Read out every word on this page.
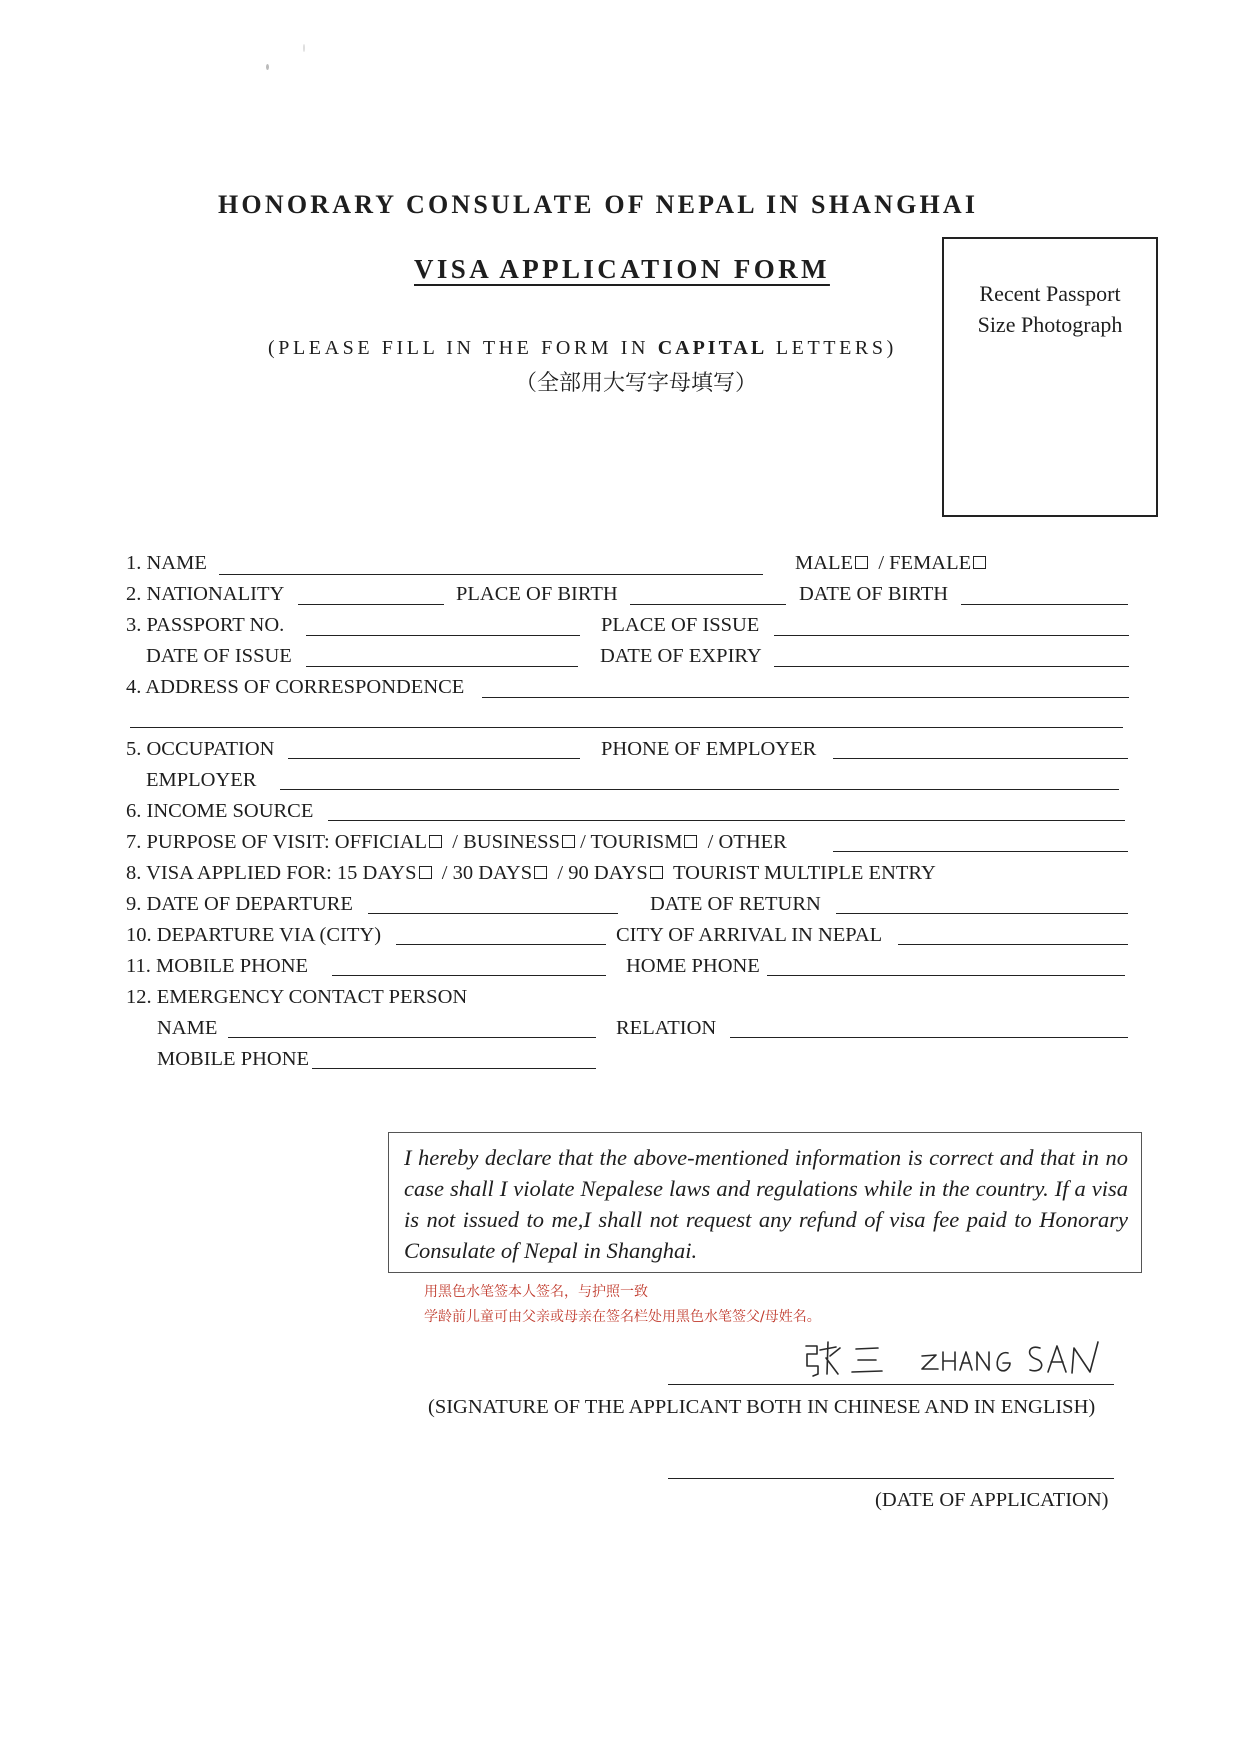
HONORARY CONSULATE OF NEPAL IN SHANGHAI
VISA APPLICATION FORM
(PLEASE FILL IN THE FORM IN CAPITAL LETTERS)
（全部用大写字母填写）
Recent Passport
Size Photograph
1. NAME	MALE / FEMALE
2. NATIONALITY	PLACE OF BIRTH	DATE OF BIRTH
3. PASSPORT NO.	PLACE OF ISSUE
DATE OF ISSUE	DATE OF EXPIRY
4. ADDRESS OF CORRESPONDENCE
5. OCCUPATION	PHONE OF EMPLOYER
EMPLOYER
6. INCOME SOURCE
7. PURPOSE OF VISIT: OFFICIAL / BUSINESS / TOURISM / OTHER
8. VISA APPLIED FOR: 15 DAYS / 30 DAYS / 90 DAYS TOURIST MULTIPLE ENTRY
9. DATE OF DEPARTURE	DATE OF RETURN
10. DEPARTURE VIA (CITY)	CITY OF ARRIVAL IN NEPAL
11. MOBILE PHONE	HOME PHONE
12. EMERGENCY CONTACT PERSON
NAME	RELATION
MOBILE PHONE
I hereby declare that the above-mentioned information is correct and that in no case shall I violate Nepalese laws and regulations while in the country. If a visa is not issued to me,I shall not request any refund of visa fee paid to Honorary Consulate of Nepal in Shanghai.
用黑色水笔签本人签名，与护照一致
学龄前儿童可由父亲或母亲在签名栏处用黑色水笔签父/母姓名。
(SIGNATURE OF THE APPLICANT BOTH IN CHINESE AND IN ENGLISH)
(DATE OF APPLICATION)
